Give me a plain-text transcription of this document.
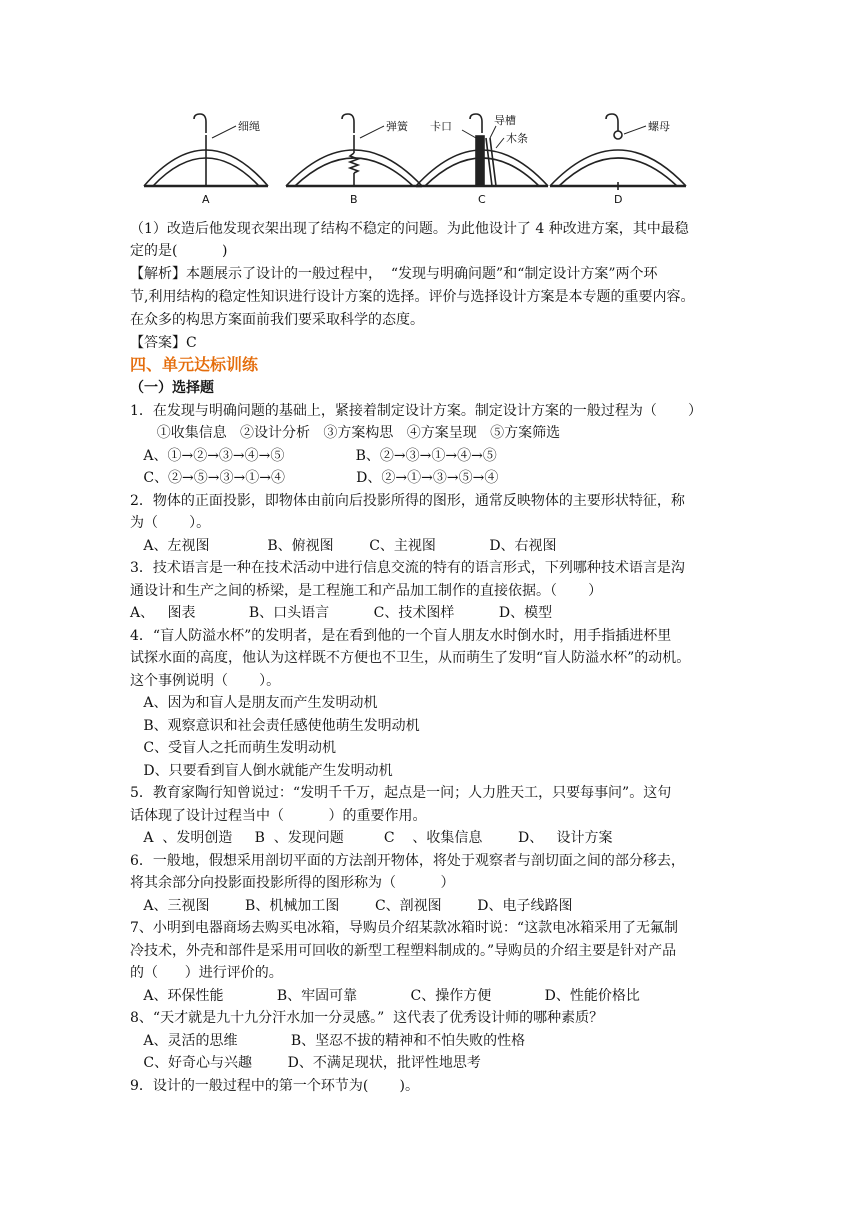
细绳	弹簧 卡口	导槽
木条
螺母
A	B	C	D
（1）改造后他发现衣架出现了结构不稳定的问题。为此他设计了 4 种改进方案，其中最稳
定的是(          )
【解析】本题展示了设计的一般过程中，  “发现与明确问题”和“制定设计方案”两个环
节,利用结构的稳定性知识进行设计方案的选择。评价与选择设计方案是本专题的重要内容。
在众多的构思方案面前我们要采取科学的态度。
【答案】C
四、单元达标训练
（一）选择题
1．在发现与明确问题的基础上，紧接着制定设计方案。制定设计方案的一般过程为（       ）
①收集信息   ②设计分析   ③方案构思   ④方案呈现   ⑤方案筛选
A、①→②→③→④→⑤                B、②→③→①→④→⑤
C、②→⑤→③→①→④                D、②→①→③→⑤→④
2．物体的正面投影，即物体由前向后投影所得的图形，通常反映物体的主要形状特征，称
为（       ）。
A、左视图             B、俯视图        C、主视图            D、右视图
3．技术语言是一种在技术活动中进行信息交流的特有的语言形式，下列哪种技术语言是沟
通设计和生产之间的桥梁，是工程施工和产品加工制作的直接依据。（       ）
A、   图表            B、口头语言          C、技术图样          D、模型
4．“盲人防溢水杯”的发明者，是在看到他的一个盲人朋友水时倒水时，用手指插进杯里
试探水面的高度，他认为这样既不方便也不卫生，从而萌生了发明“盲人防溢水杯”的动机。
这个事例说明（       ）。
A、因为和盲人是朋友而产生发明动机
B、观察意识和社会责任感使他萌生发明动机
C、受盲人之托而萌生发明动机
D、只要看到盲人倒水就能产生发明动机
5．教育家陶行知曾说过：“发明千千万，起点是一问；人力胜天工，只要每事问”。这句
话体现了设计过程当中（          ）的重要作用。
A  、发明创造     B  、发现问题         C    、收集信息        D、   设计方案
6．一般地，假想采用剖切平面的方法剖开物体，将处于观察者与剖切面之间的部分移去，
将其余部分向投影面投影所得的图形称为（          ）
A、三视图        B、机械加工图        C、剖视图        D、电子线路图
7、小明到电器商场去购买电冰箱，导购员介绍某款冰箱时说：“这款电冰箱采用了无氟制
冷技术，外壳和部件是采用可回收的新型工程塑料制成的。”导购员的介绍主要是针对产品
的（      ）进行评价的。
A、环保性能            B、牢固可靠            C、操作方便            D、性能价格比
8、“天才就是九十九分汗水加一分灵感。”  这代表了优秀设计师的哪种素质？
A、灵活的思维            B、坚忍不拔的精神和不怕失败的性格
C、好奇心与兴趣        D、不满足现状，批评性地思考
9．设计的一般过程中的第一个环节为(       )。
